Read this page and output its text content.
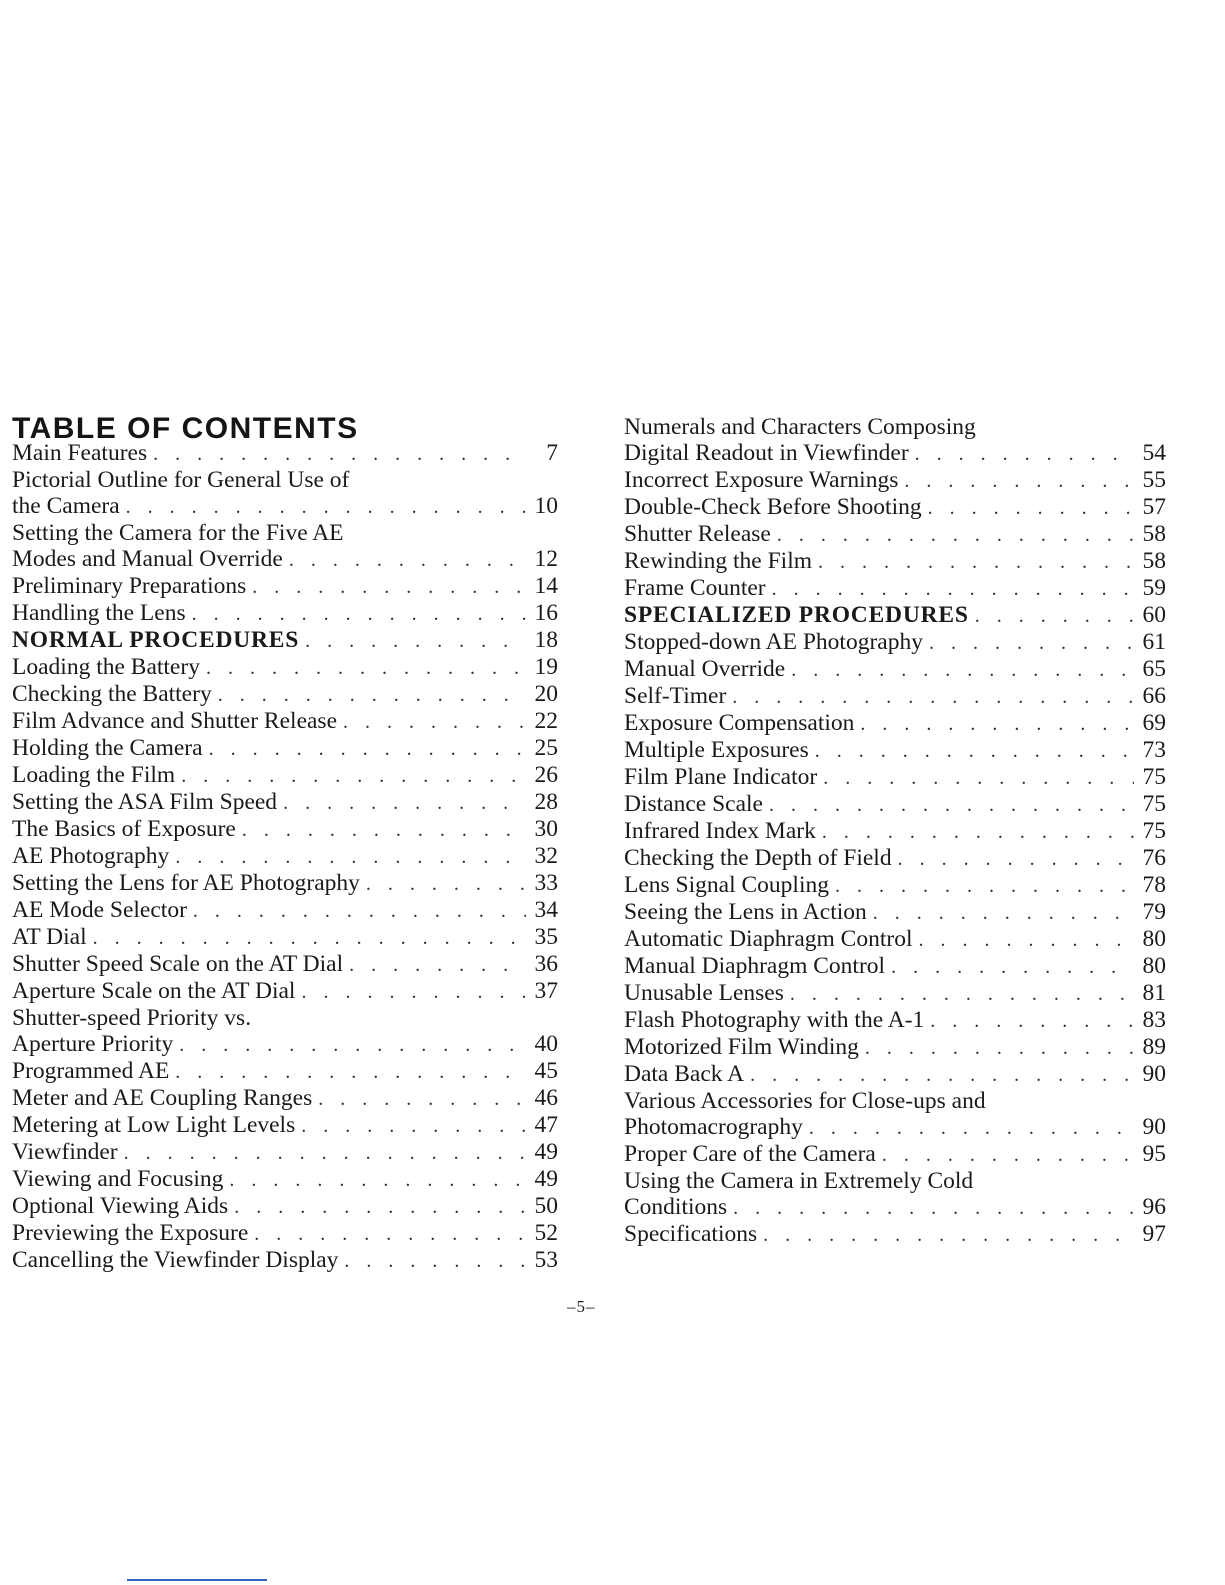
TABLE OF CONTENTS
Main Features . . .	7
Pictorial Outline for General Use of
the Camera . . .	10
Setting the Camera for the Five AE
Modes and Manual Override . . .	12
Preliminary Preparations . . .	14
Handling the Lens . . .	16
NORMAL PROCEDURES . . .	18
Loading the Battery . . .	19
Checking the Battery . . .	20
Film Advance and Shutter Release . . .	22
Holding the Camera . . .	25
Loading the Film . . .	26
Setting the ASA Film Speed . . .	28
The Basics of Exposure . . .	30
AE Photography . . .	32
Setting the Lens for AE Photography . . .	33
AE Mode Selector . . .	34
AT Dial . . .	35
Shutter Speed Scale on the AT Dial . . .	36
Aperture Scale on the AT Dial . . .	37
Shutter-speed Priority vs.
Aperture Priority . . .	40
Programmed AE . . .	45
Meter and AE Coupling Ranges . . .	46
Metering at Low Light Levels . . .	47
Viewfinder . . .	49
Viewing and Focusing . . .	49
Optional Viewing Aids . . .	50
Previewing the Exposure . . .	52
Cancelling the Viewfinder Display . . .	53
Numerals and Characters Composing
Digital Readout in Viewfinder . . .	54
Incorrect Exposure Warnings . . .	55
Double-Check Before Shooting . . .	57
Shutter Release . . .	58
Rewinding the Film . . .	58
Frame Counter . . .	59
SPECIALIZED PROCEDURES . . .	60
Stopped-down AE Photography . . .	61
Manual Override . . .	65
Self-Timer . . .	66
Exposure Compensation . . .	69
Multiple Exposures . . .	73
Film Plane Indicator . . .	75
Distance Scale . . .	75
Infrared Index Mark . . .	75
Checking the Depth of Field . . .	76
Lens Signal Coupling . . .	78
Seeing the Lens in Action . . .	79
Automatic Diaphragm Control . . .	80
Manual Diaphragm Control . . .	80
Unusable Lenses . . .	81
Flash Photography with the A-1 . . .	83
Motorized Film Winding . . .	89
Data Back A . . .	90
Various Accessories for Close-ups and
Photomacrography . . .	90
Proper Care of the Camera . . .	95
Using the Camera in Extremely Cold
Conditions . . .	96
Specifications . . .	97
–5–
